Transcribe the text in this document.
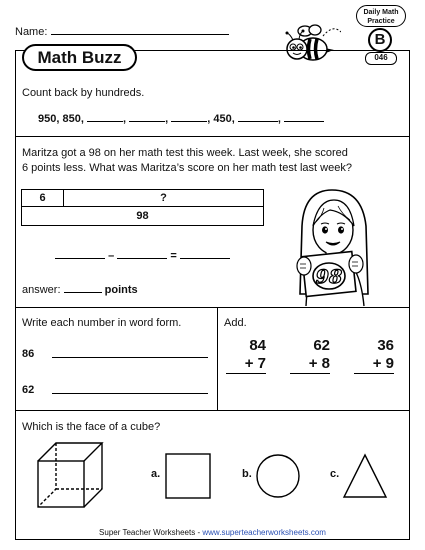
Name:
Daily Math
Practice
B
046
Math Buzz
Count back by hundreds.
950, 850,	,	,	, 450,	,
Maritza got a 98 on her math test this week. Last week, she scored
6 points less. What was Maritza’s score on her math test last week?
6	?
98
–	=
answer:	points
98
Write each number in word form.
86
62
Add.
84
+ 7
62
+ 8
36
+ 9
Which is the face of a cube?
a.	b.	c.
Super Teacher Worksheets - www.superteacherworksheets.com
